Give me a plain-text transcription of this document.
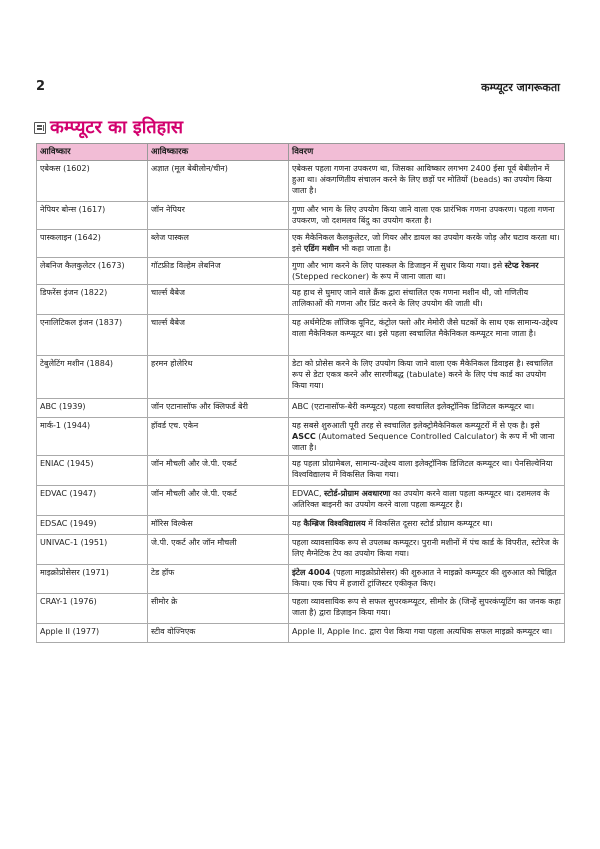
2	कम्प्यूटर जागरूकता
कम्प्यूटर का इतिहास
आविष्कार	आविष्कारक	विवरण
एबेकस (1602)	अज्ञात (मूल बेबीलोन/चीन)	एबेकस पहला गणना उपकरण था, जिसका आविष्कार लगभग 2400 ईसा पूर्व बेबीलोन में हुआ था। अंकगणितीय संचालन करने के लिए छड़ों पर मोतियों (beads) का उपयोग किया जाता है।
नेपियर बोन्स (1617)	जॉन नेपियर	गुणा और भाग के लिए उपयोग किया जाने वाला एक प्रारंभिक गणना उपकरण। पहला गणना उपकरण, जो दशमलव बिंदु का उपयोग करता है।
पास्कलाइन (1642)	ब्लेज पास्कल	एक मैकेनिकल कैलकुलेटर, जो गियर और डायल का उपयोग करके जोड़ और घटाव करता था। इसे एडिंग मशीन भी कहा जाता है।
लेबनिज कैलकुलेटर (1673)	गॉटफ्रीड विल्हेम लेबनिज	गुणा और भाग करने के लिए पास्कल के डिजाइन में सुधार किया गया। इसे स्टेप्ड रेकनर (Stepped reckoner) के रूप में जाना जाता था।
डिफरेंस इंजन (1822)	चार्ल्स बैबेज	यह हाथ से घुमाए जाने वाले क्रैंक द्वारा संचालित एक गणना मशीन थी, जो गणितीय तालिकाओं की गणना और प्रिंट करने के लिए उपयोग की जाती थी।
एनालिटिकल इंजन (1837)	चार्ल्स बैबेज	यह अर्थमेटिक लॉजिक यूनिट, कंट्रोल फ्लो और मेमोरी जैसे घटकों के साथ एक सामान्य-उद्देश्य वाला मैकेनिकल कम्प्यूटर था। इसे पहला स्वचालित मैकेनिकल कम्प्यूटर माना जाता है।
टेबुलेटिंग मशीन (1884)	हरमन होलेरिथ	डेटा को प्रोसेस करने के लिए उपयोग किया जाने वाला एक मैकेनिकल डिवाइस है। स्वचालित रूप से डेटा एकत्र करने और सारणीबद्ध (tabulate) करने के लिए पंच कार्ड का उपयोग किया गया।
ABC (1939)	जॉन एटानासॉफ और क्लिफर्ड बेरी	ABC (एटानासॉफ-बेरी कम्प्यूटर) पहला स्वचालित इलेक्ट्रॉनिक डिजिटल कम्प्यूटर था।
मार्क-1 (1944)	हॉवर्ड एच. एकेन	यह सबसे शुरुआती पूरी तरह से स्वचालित इलेक्ट्रोमैकेनिकल कम्प्यूटरों में से एक है। इसे ASCC (Automated Sequence Controlled Calculator) के रूप में भी जाना जाता है।
ENIAC (1945)	जॉन मौचली और जे.पी. एकर्ट	यह पहला प्रोग्रामेबल, सामान्य-उद्देश्य वाला इलेक्ट्रॉनिक डिजिटल कम्प्यूटर था। पेनसिल्वेनिया विश्वविद्यालय में विकसित किया गया।
EDVAC (1947)	जॉन मौचली और जे.पी. एकर्ट	EDVAC, स्टोर्ड-प्रोग्राम अवधारणा का उपयोग करने वाला पहला कम्प्यूटर था। दशमलव के अतिरिक्त बाइनरी का उपयोग करने वाला पहला कम्प्यूटर है।
EDSAC (1949)	मॉरिस विल्केस	यह कैम्ब्रिज विश्वविद्यालय में विकसित दूसरा स्टोर्ड प्रोग्राम कम्प्यूटर था।
UNIVAC-1 (1951)	जे.पी. एकर्ट और जॉन मौचली	पहला व्यावसायिक रूप से उपलब्ध कम्प्यूटर। पुरानी मशीनों में पंच कार्ड के विपरीत, स्टोरेज के लिए मैग्नेटिक टेप का उपयोग किया गया।
माइक्रोप्रोसेसर (1971)	टेड हॉफ	इंटेल 4004 (पहला माइक्रोप्रोसेसर) की शुरुआत ने माइक्रो कम्प्यूटर की शुरुआत को चिह्नित किया। एक चिप में हजारों ट्रांजिस्टर एकीकृत किए।
CRAY-1 (1976)	सीमोर क्रे	पहला व्यावसायिक रूप से सफल सुपरकम्प्यूटर, सीमोर क्रे (जिन्हें सुपरकंप्यूटिंग का जनक कहा जाता है) द्वारा डिज़ाइन किया गया।
Apple II (1977)	स्टीव वोज्निएक	Apple II, Apple Inc. द्वारा पेश किया गया पहला अत्यधिक सफल माइक्रो कम्प्यूटर था।
